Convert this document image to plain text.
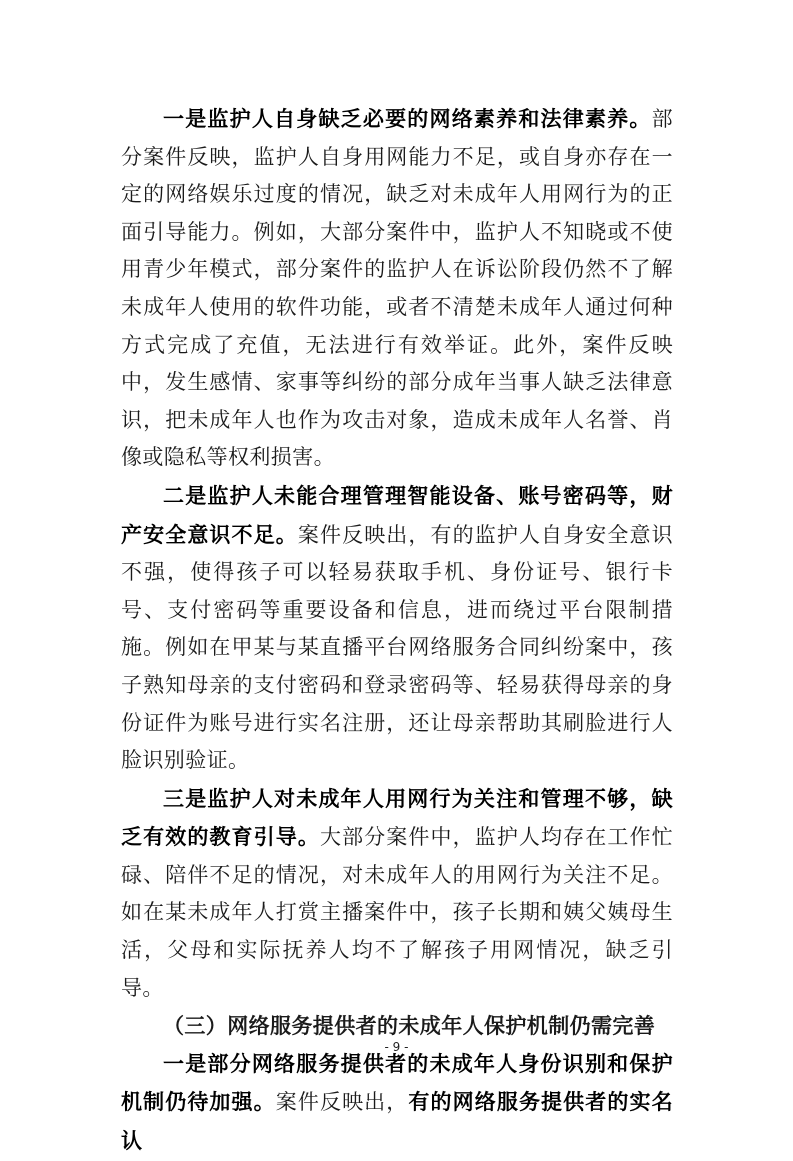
一是监护人自身缺乏必要的网络素养和法律素养。部分案件反映，监护人自身用网能力不足，或自身亦存在一定的网络娱乐过度的情况，缺乏对未成年人用网行为的正面引导能力。例如，大部分案件中，监护人不知晓或不使用青少年模式，部分案件的监护人在诉讼阶段仍然不了解未成年人使用的软件功能，或者不清楚未成年人通过何种方式完成了充值，无法进行有效举证。此外，案件反映中，发生感情、家事等纠纷的部分成年当事人缺乏法律意识，把未成年人也作为攻击对象，造成未成年人名誉、肖像或隐私等权利损害。

二是监护人未能合理管理智能设备、账号密码等，财产安全意识不足。案件反映出，有的监护人自身安全意识不强，使得孩子可以轻易获取手机、身份证号、银行卡号、支付密码等重要设备和信息，进而绕过平台限制措施。例如在甲某与某直播平台网络服务合同纠纷案中，孩子熟知母亲的支付密码和登录密码等、轻易获得母亲的身份证件为账号进行实名注册，还让母亲帮助其刷脸进行人脸识别验证。

三是监护人对未成年人用网行为关注和管理不够，缺乏有效的教育引导。大部分案件中，监护人均存在工作忙碌、陪伴不足的情况，对未成年人的用网行为关注不足。如在某未成年人打赏主播案件中，孩子长期和姨父姨母生活，父母和实际抚养人均不了解孩子用网情况，缺乏引导。

（三）网络服务提供者的未成年人保护机制仍需完善

一是部分网络服务提供者的未成年人身份识别和保护机制仍待加强。案件反映出，有的网络服务提供者的实名认

- 9 -
